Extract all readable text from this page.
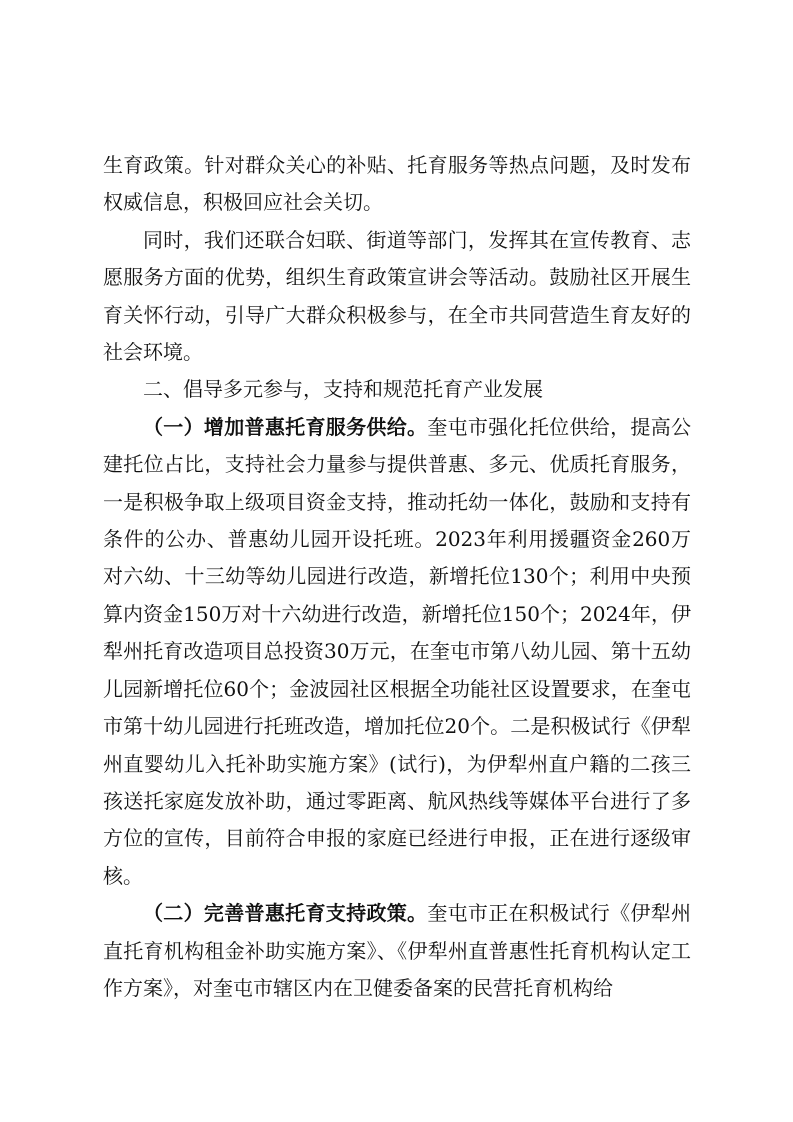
生育政策。针对群众关心的补贴、托育服务等热点问题，及时发布权威信息，积极回应社会关切。

同时，我们还联合妇联、街道等部门，发挥其在宣传教育、志愿服务方面的优势，组织生育政策宣讲会等活动。鼓励社区开展生育关怀行动，引导广大群众积极参与，在全市共同营造生育友好的社会环境。

二、倡导多元参与，支持和规范托育产业发展

（一）增加普惠托育服务供给。奎屯市强化托位供给，提高公建托位占比，支持社会力量参与提供普惠、多元、优质托育服务，一是积极争取上级项目资金支持，推动托幼一体化，鼓励和支持有条件的公办、普惠幼儿园开设托班。2023年利用援疆资金260万对六幼、十三幼等幼儿园进行改造，新增托位130个；利用中央预算内资金150万对十六幼进行改造，新增托位150个；2024年，伊犁州托育改造项目总投资30万元，在奎屯市第八幼儿园、第十五幼儿园新增托位60个；金波园社区根据全功能社区设置要求，在奎屯市第十幼儿园进行托班改造，增加托位20个。二是积极试行《伊犁州直婴幼儿入托补助实施方案》(试行)，为伊犁州直户籍的二孩三孩送托家庭发放补助，通过零距离、航风热线等媒体平台进行了多方位的宣传，目前符合申报的家庭已经进行申报，正在进行逐级审核。

（二）完善普惠托育支持政策。奎屯市正在积极试行《伊犁州直托育机构租金补助实施方案》、《伊犁州直普惠性托育机构认定工作方案》，对奎屯市辖区内在卫健委备案的民营托育机构给
